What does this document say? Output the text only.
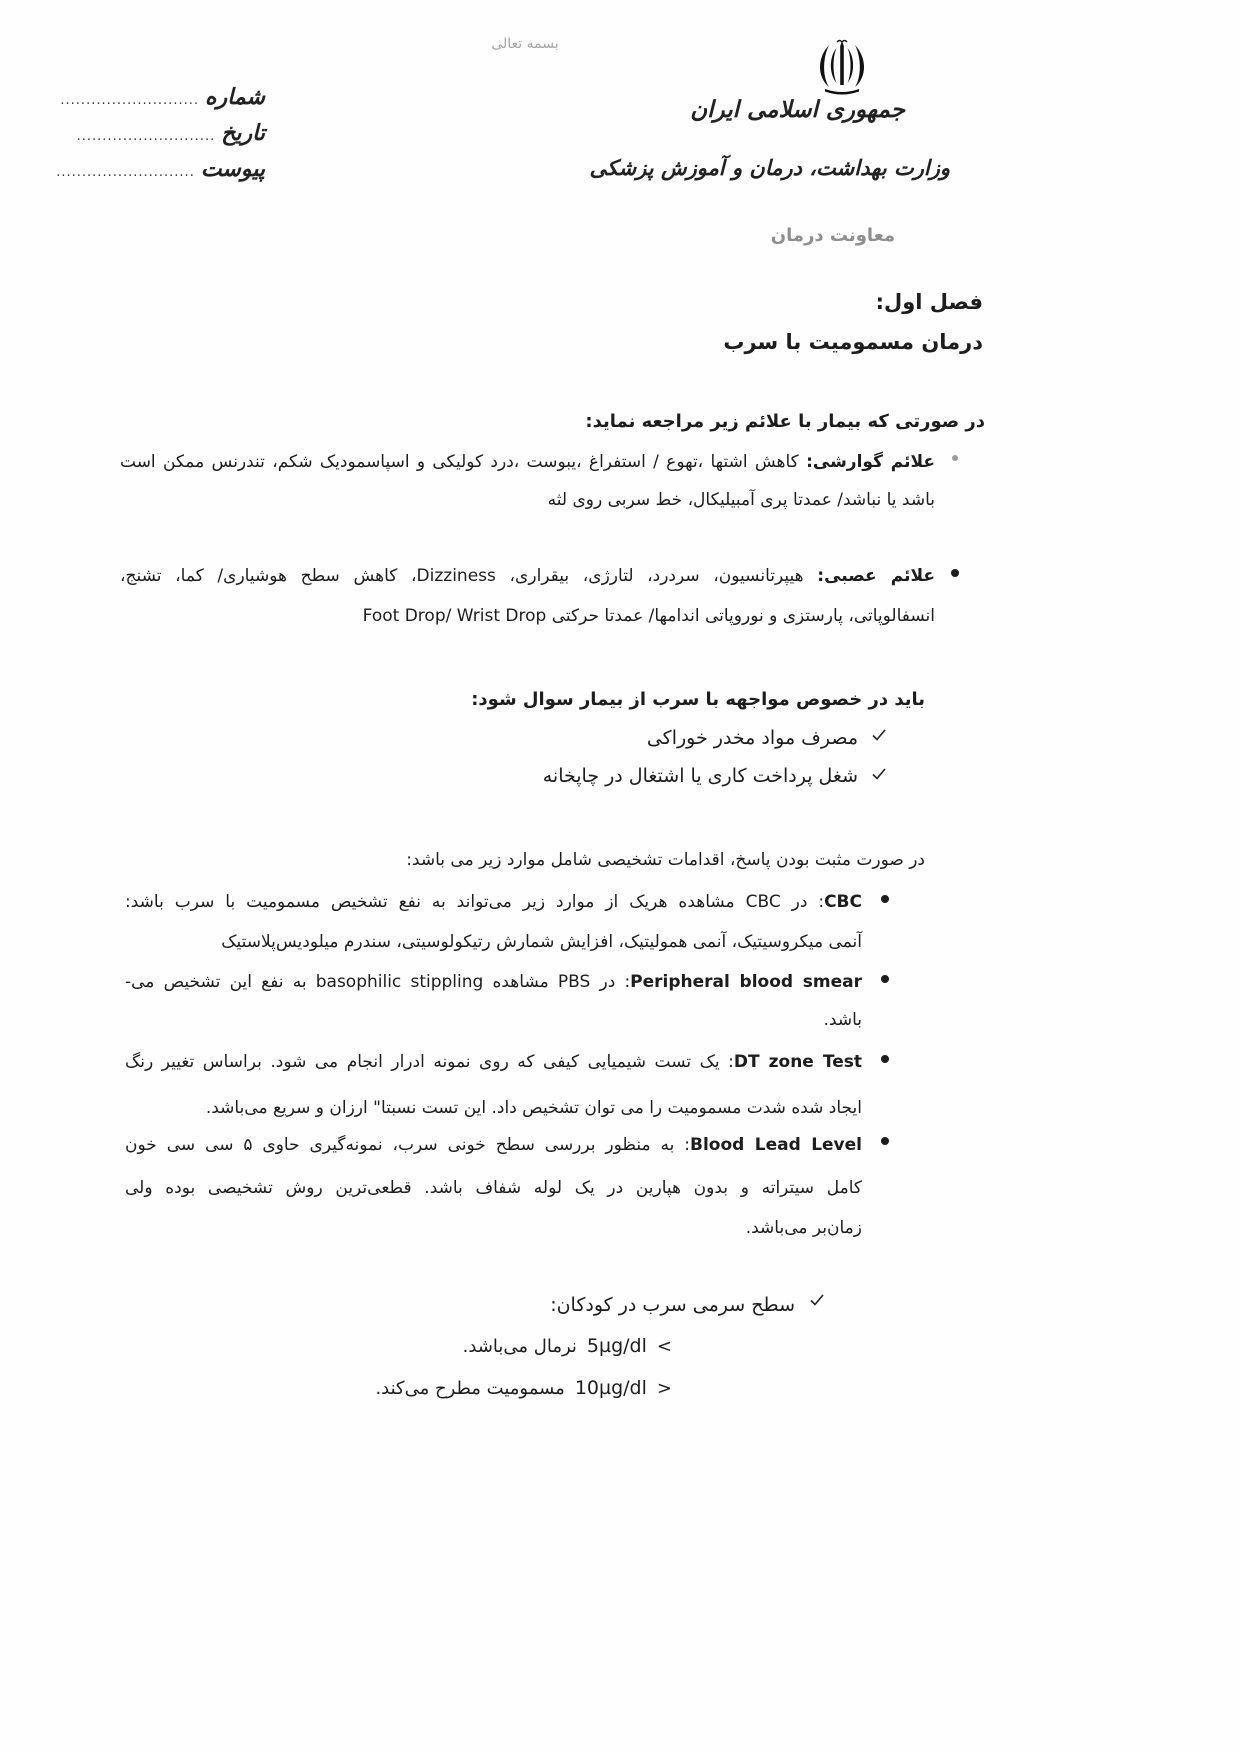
بسمه تعالی
جمهوری اسلامی ایران
وزارت بهداشت، درمان و آموزش پزشکی
معاونت درمان
شماره
...........................
تاریخ
...........................
پیوست
...........................
فصل اول:
درمان مسمومیت با سرب
در صورتی که بیمار با علائم زیر مراجعه نماید:
علائم گوارشی: کاهش اشتها ،تهوع / استفراغ ،یبوست ،درد کولیکی و اسپاسمودیک شکم، تندرنس ممکن است
باشد یا نباشد/ عمدتا پری آمبیلیکال، خط سربی روی لثه
علائم عصبی: هیپرتانسیون، سردرد، لتارژی، بیقراری، Dizziness، کاهش سطح هوشیاری/ کما، تشنج،
انسفالوپاتی، پارستزی و نوروپاتی اندامها/ عمدتا حرکتی Foot Drop/ Wrist Drop
باید در خصوص مواجهه با سرب از بیمار سوال شود:
مصرف مواد مخدر خوراکی
شغل پرداخت کاری یا اشتغال در چاپخانه
در صورت مثبت بودن پاسخ، اقدامات تشخیصی شامل موارد زیر می باشد:
CBC: در CBC مشاهده هریک از موارد زیر می‌تواند به نفع تشخیص مسمومیت با سرب باشد:
آنمی میکروسیتیک، آنمی همولیتیک، افزایش شمارش رتیکولوسیتی، سندرم میلودیس‌پلاستیک
Peripheral blood smear: در PBS مشاهده basophilic stippling به نفع این تشخیص می-
باشد.
DT zone Test: یک تست شیمیایی کیفی که روی نمونه ادرار انجام می شود. براساس تغییر رنگ
ایجاد شده شدت مسمومیت را می توان تشخیص داد. این تست نسبتا" ارزان و سریع می‌باشد.
Blood Lead Level: به منظور بررسی سطح خونی سرب، نمونه‌گیری حاوی ۵ سی سی خون
کامل سیتراته و بدون هپارین در یک لوله شفاف باشد. قطعی‌ترین روش تشخیصی بوده ولی
زمان‌بر می‌باشد.
سطح سرمی سرب در کودکان:
<
5µg/dl
نرمال می‌باشد.
>
10µg/dl
مسمومیت مطرح می‌کند.
